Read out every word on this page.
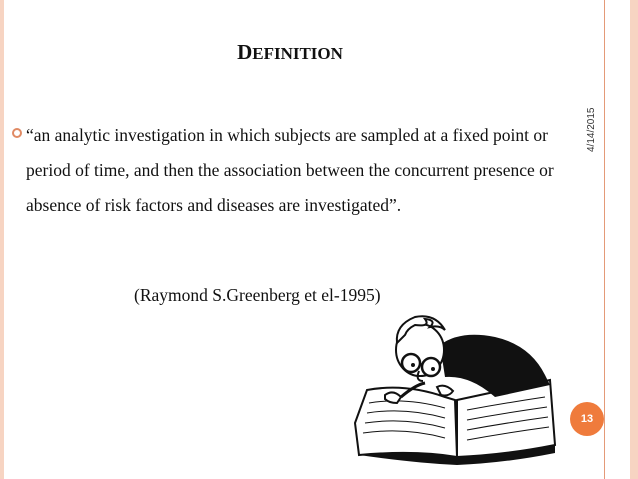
DEFINITION
4/14/2015
“an analytic investigation in which subjects are sampled at a fixed point or period of time, and then the association between the concurrent presence or absence of risk factors and diseases are investigated”.
(Raymond S.Greenberg et el-1995)
13
